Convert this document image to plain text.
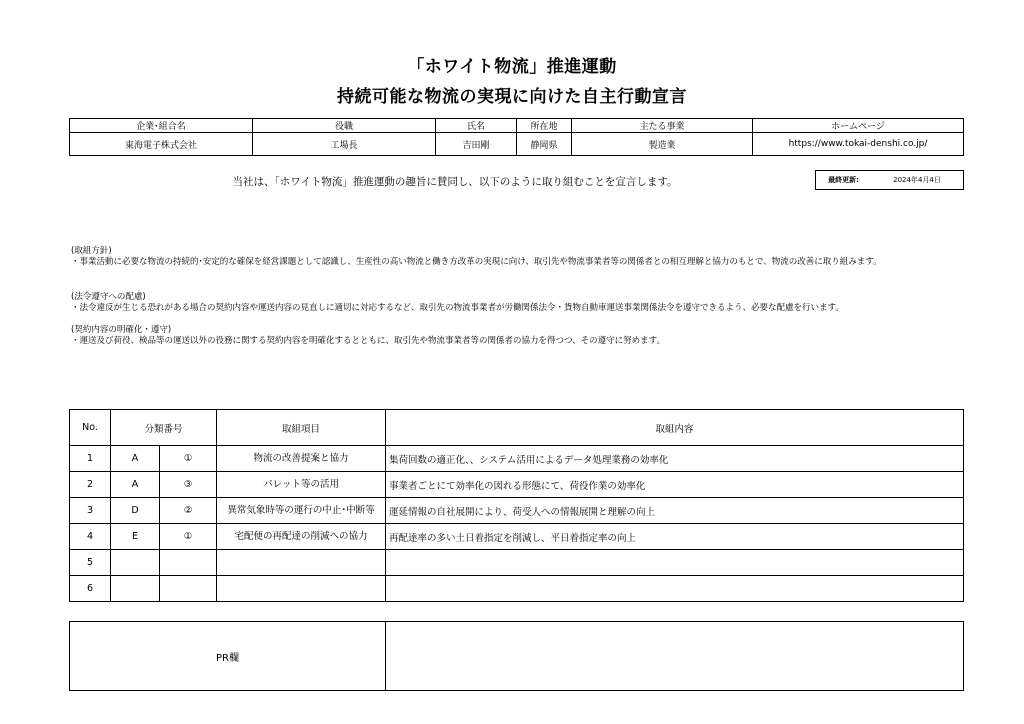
「ホワイト物流」推進運動
持続可能な物流の実現に向けた自主行動宣言
企業･組合名	役職	氏名	所在地	主たる事業	ホームページ
東海電子株式会社	工場長	吉田剛	静岡県	製造業	https://www.tokai-denshi.co.jp/
当社は、「ホワイト物流」推進運動の趣旨に賛同し、以下のように取り組むことを宣言します。	最終更新:	2024年4月4日
(取組方針)
・事業活動に必要な物流の持続的･安定的な確保を経営課題として認識し、生産性の高い物流と働き方改革の実現に向け、取引先や物流事業者等の関係者との相互理解と協力のもとで、物流の改善に取り組みます。
(法令遵守への配慮)
・法令違反が生じる恐れがある場合の契約内容や運送内容の見直しに適切に対応するなど、取引先の物流事業者が労働関係法令・貨物自動車運送事業関係法令を遵守できるよう、必要な配慮を行います。
(契約内容の明確化・遵守)
・運送及び荷役、検品等の運送以外の役務に関する契約内容を明確化するとともに、取引先や物流事業者等の関係者の協力を得つつ、その遵守に努めます。
No.	分類番号		取組項目	取組内容
1	A	①	物流の改善提案と協力	集荷回数の適正化、、システム活用によるデータ処理業務の効率化
2	A	③	パレット等の活用	事業者ごとにて効率化の図れる形態にて、荷役作業の効率化
3	D	②	異常気象時等の運行の中止･中断等	運延情報の自社展開により、荷受人への情報展開と理解の向上
4	E	①	宅配便の再配達の削減への協力	再配達率の多い土日着指定を削減し、平日着指定率の向上
5				
6				
PR欄	
